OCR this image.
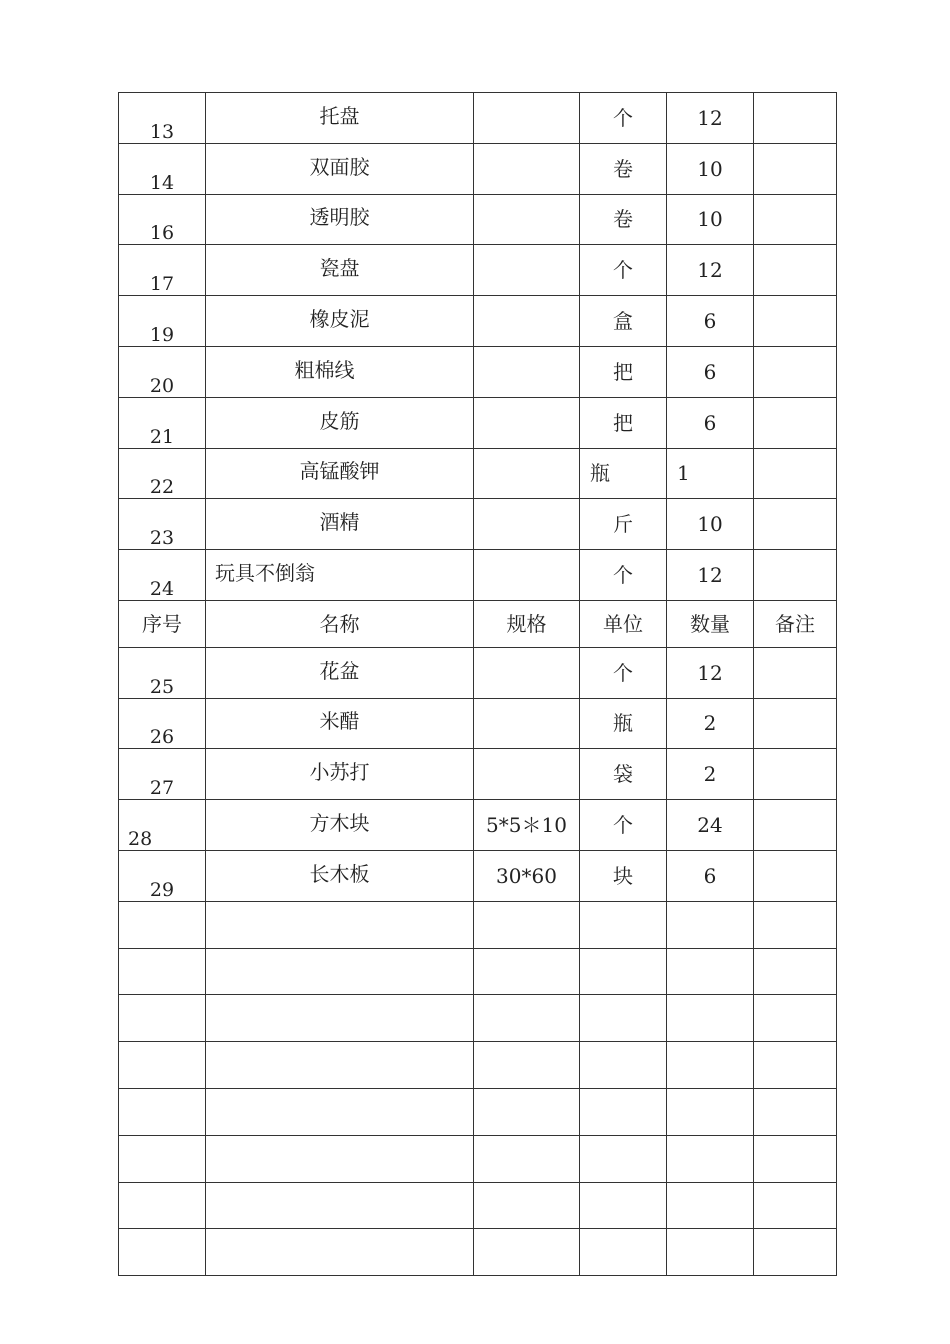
13	托盘		个	12	
14	双面胶		卷	10	
16	透明胶		卷	10	
17	瓷盘		个	12	
19	橡皮泥		盒	6	
20	粗棉线		把	6	
21	皮筋		把	6	
22	高锰酸钾		瓶	1	
23	酒精		斤	10	
24	玩具不倒翁		个	12	
序号	名称	规格	单位	数量	备注
25	花盆		个	12	
26	米醋		瓶	2	
27	小苏打		袋	2	
28	方木块	5*5＊10	个	24	
29	长木板	30*60	块	6	
